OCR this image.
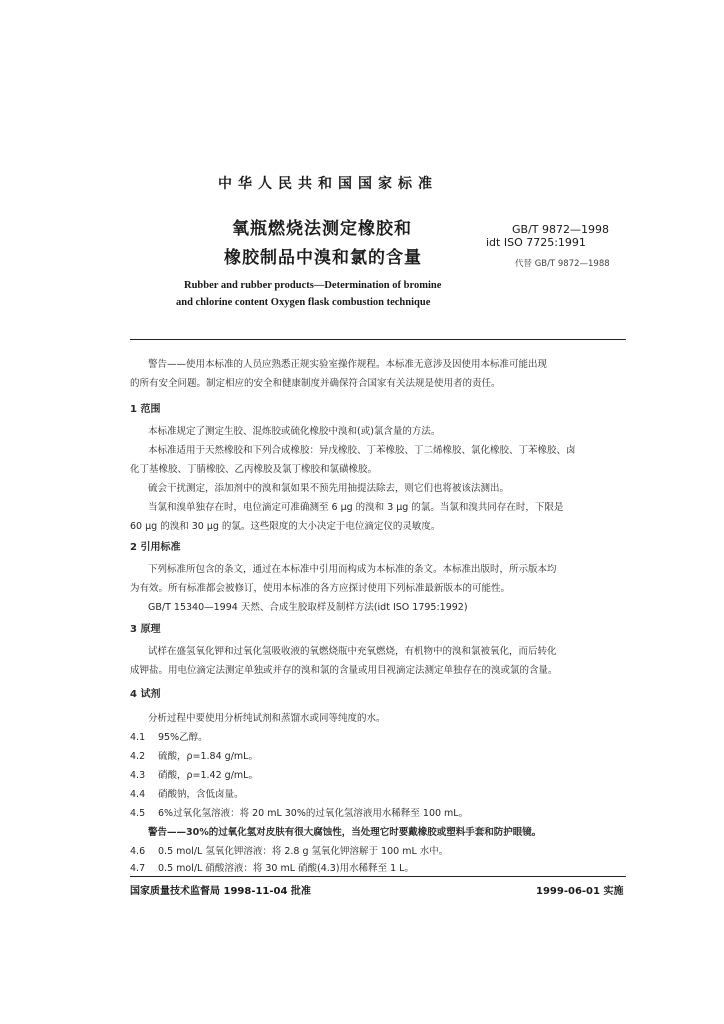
中华人民共和国国家标准
氧瓶燃烧法测定橡胶和
橡胶制品中溴和氯的含量
GB/T 9872—1998
idt ISO 7725:1991
代替 GB/T 9872—1988
Rubber and rubber products—Determination of bromine
and chlorine content Oxygen flask combustion technique
警告——使用本标准的人员应熟悉正规实验室操作规程。本标准无意涉及因使用本标准可能出现
的所有安全问题。制定相应的安全和健康制度并确保符合国家有关法规是使用者的责任。
1 范围
本标准规定了测定生胶、混炼胶或硫化橡胶中溴和(或)氯含量的方法。
本标准适用于天然橡胶和下列合成橡胶：异戊橡胶、丁苯橡胶、丁二烯橡胶、氯化橡胶、丁苯橡胶、卤
化丁基橡胶、丁腈橡胶、乙丙橡胶及氯丁橡胶和氯磺橡胶。
硫会干扰测定，添加剂中的溴和氯如果不预先用抽提法除去，则它们也将被该法测出。
当氯和溴单独存在时，电位滴定可准确测至 6 μg 的溴和 3 μg 的氯。当氯和溴共同存在时，下限是
60 μg 的溴和 30 μg 的氯。这些限度的大小决定于电位滴定仪的灵敏度。
2 引用标准
下列标准所包含的条文，通过在本标准中引用而构成为本标准的条文。本标准出版时，所示版本均
为有效。所有标准都会被修订，使用本标准的各方应探讨使用下列标准最新版本的可能性。
GB/T 15340—1994 天然、合成生胶取样及制样方法(idt ISO 1795:1992)
3 原理
试样在盛氢氧化钾和过氧化氢吸收液的氧燃烧瓶中充氧燃烧，有机物中的溴和氯被氧化，而后转化
成钾盐。用电位滴定法测定单独或并存的溴和氯的含量或用目视滴定法测定单独存在的溴或氯的含量。
4 试剂
分析过程中要使用分析纯试剂和蒸馏水或同等纯度的水。
4.1	95%乙醇。
4.2	硫酸，ρ=1.84 g/mL。
4.3	硝酸，ρ=1.42 g/mL。
4.4	硝酸钠，含低卤量。
4.5	6%过氧化氢溶液：将 20 mL 30%的过氧化氢溶液用水稀释至 100 mL。
警告——30%的过氧化氢对皮肤有很大腐蚀性，当处理它时要戴橡胶或塑料手套和防护眼镜。
4.6	0.5 mol/L 氢氧化钾溶液：将 2.8 g 氢氧化钾溶解于 100 mL 水中。
4.7	0.5 mol/L 硝酸溶液：将 30 mL 硝酸(4.3)用水稀释至 1 L。
国家质量技术监督局 1998-11-04 批准	1999-06-01 实施
